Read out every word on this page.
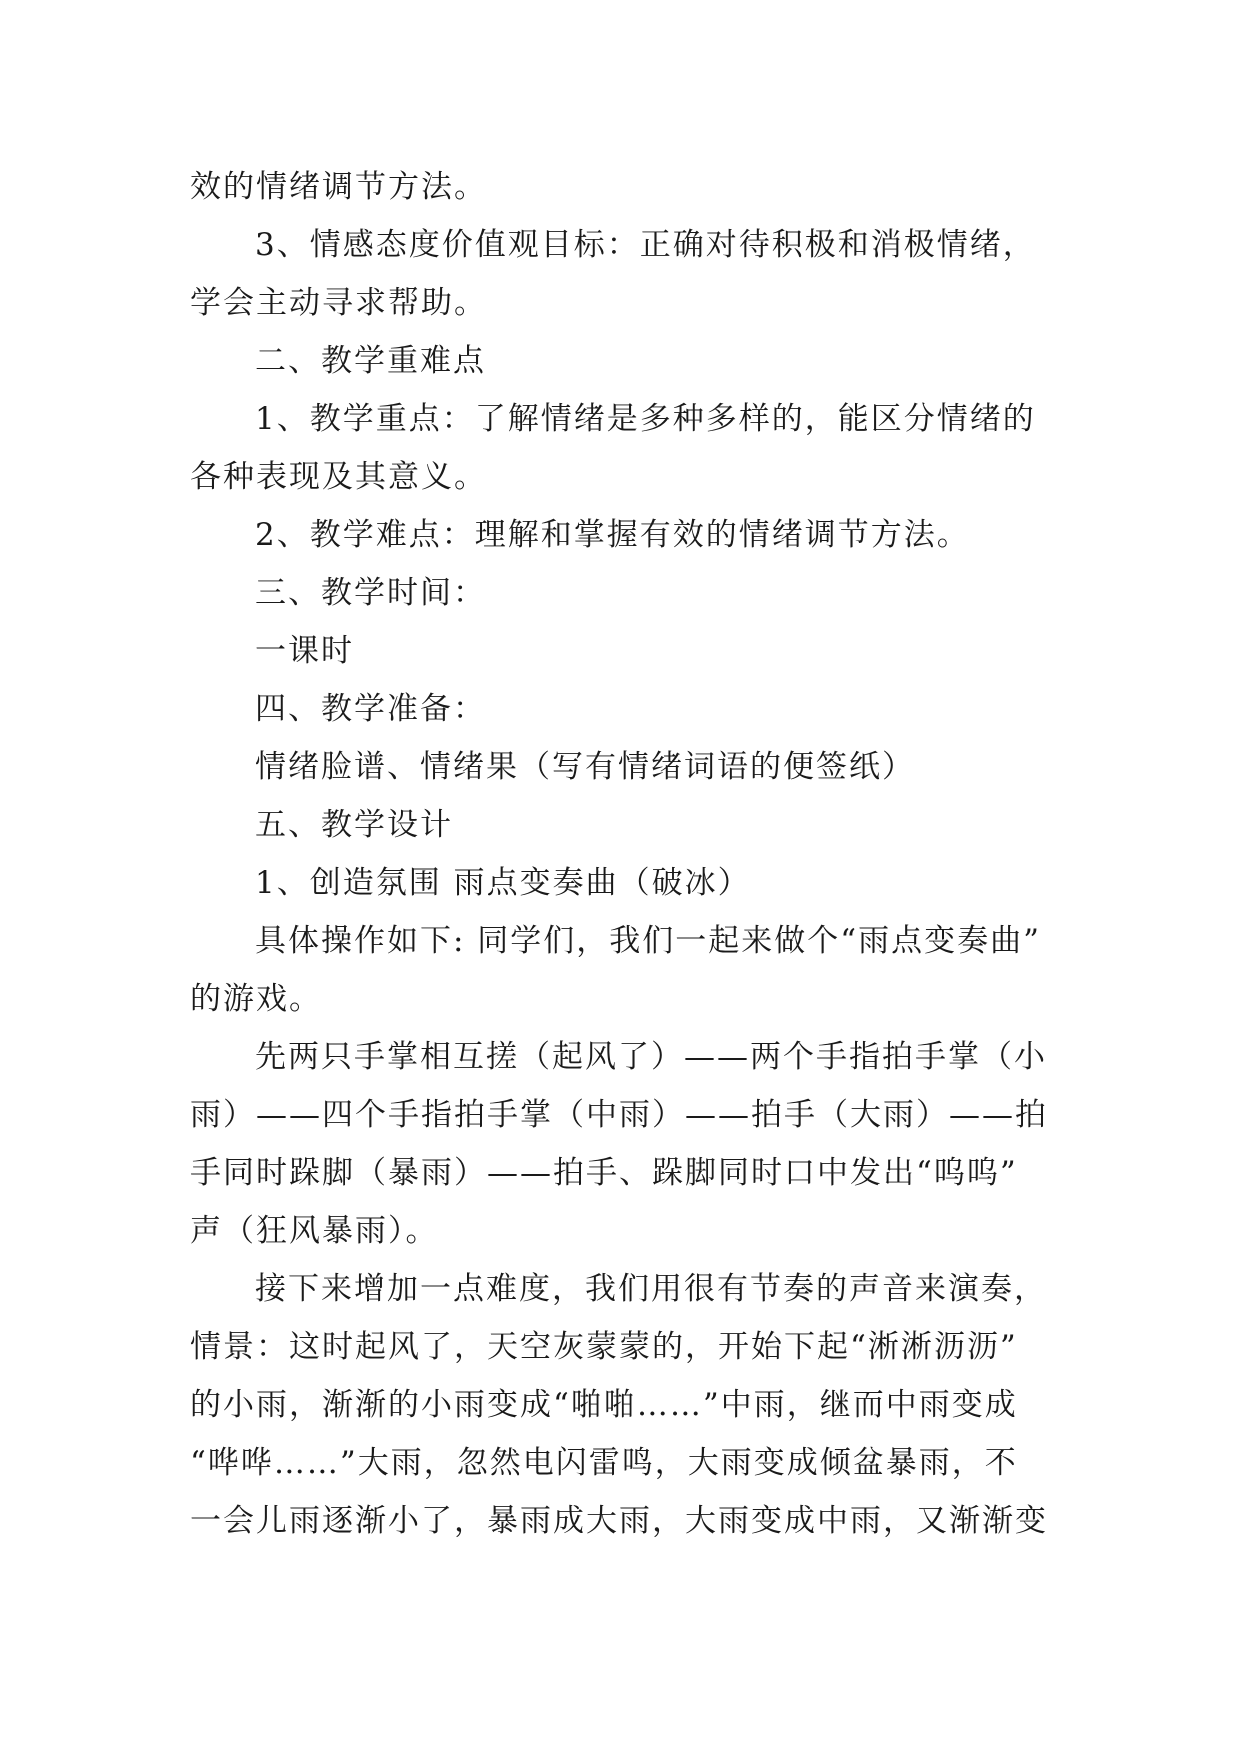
效的情绪调节方法。
3、情感态度价值观目标：正确对待积极和消极情绪，
学会主动寻求帮助。
二、教学重难点
1、教学重点：了解情绪是多种多样的，能区分情绪的
各种表现及其意义。
2、教学难点：理解和掌握有效的情绪调节方法。
三、教学时间：
一课时
四、教学准备：
情绪脸谱、情绪果（写有情绪词语的便签纸）
五、教学设计
1、创造氛围 雨点变奏曲（破冰）
具体操作如下: 同学们，我们一起来做个“雨点变奏曲”
的游戏。
先两只手掌相互搓（起风了）——两个手指拍手掌（小
雨）——四个手指拍手掌（中雨）——拍手（大雨）——拍
手同时跺脚（暴雨）——拍手、跺脚同时口中发出“呜呜”
声（狂风暴雨）。
接下来增加一点难度，我们用很有节奏的声音来演奏，
情景：这时起风了，天空灰蒙蒙的，开始下起“淅淅沥沥”
的小雨，渐渐的小雨变成“啪啪……”中雨，继而中雨变成
“哗哗……”大雨，忽然电闪雷鸣，大雨变成倾盆暴雨，不
一会儿雨逐渐小了，暴雨成大雨，大雨变成中雨，又渐渐变
